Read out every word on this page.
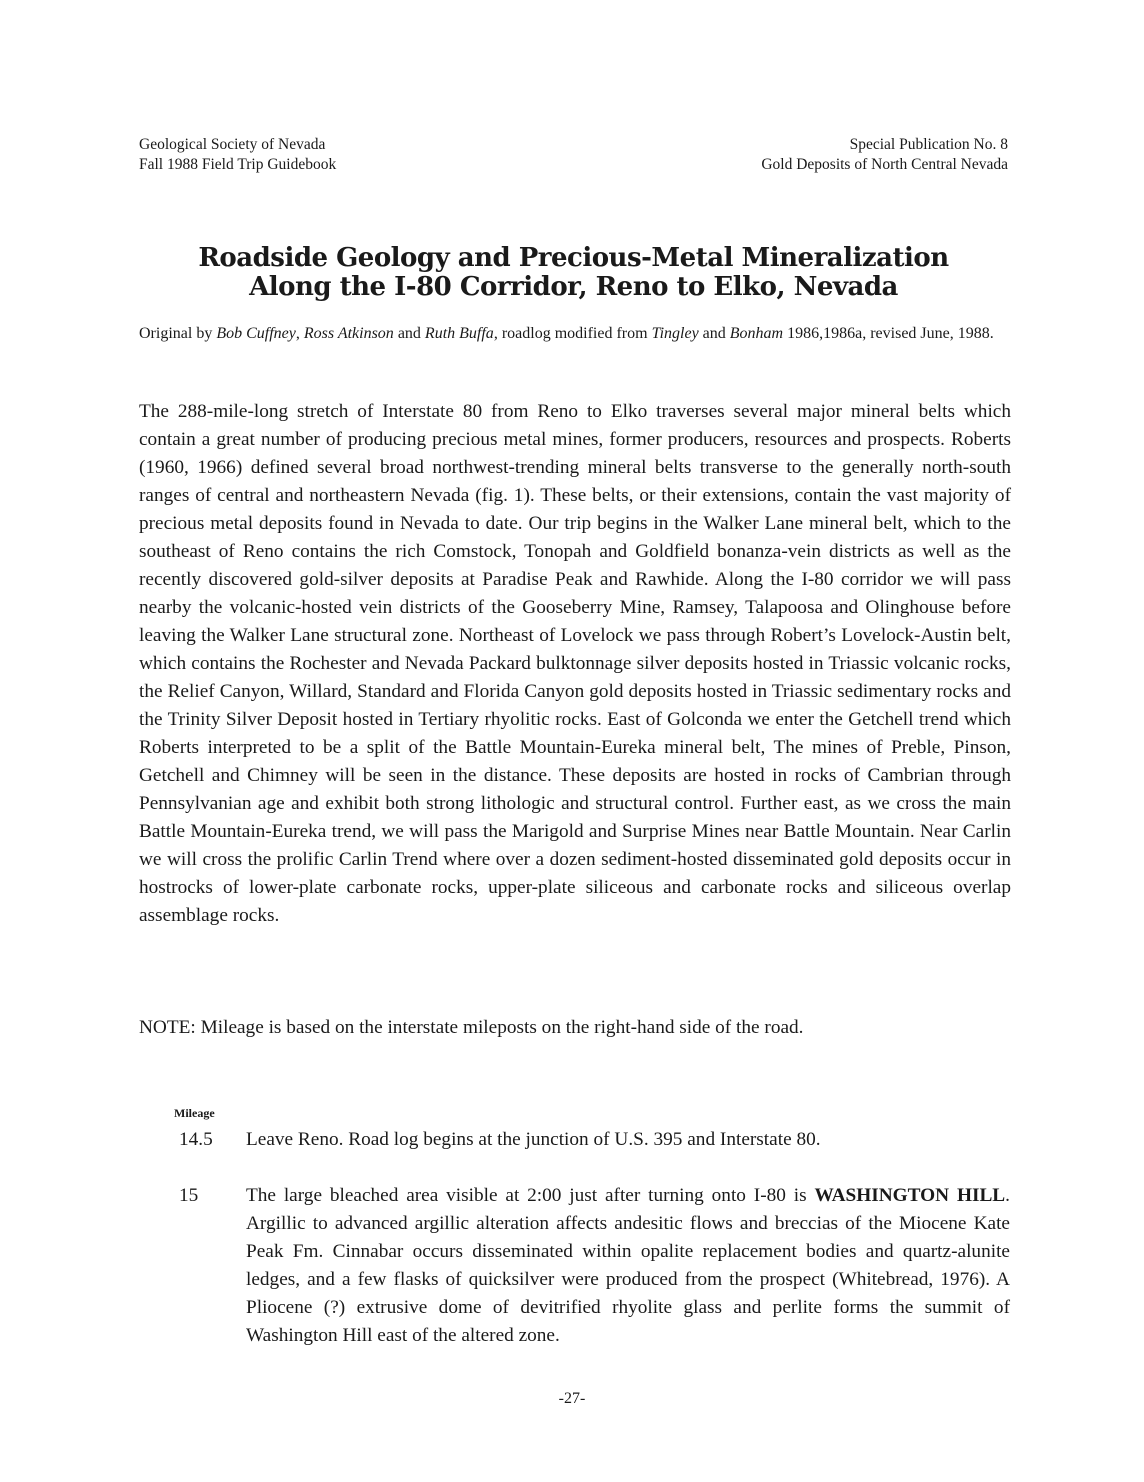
Geological Society of Nevada
Fall 1988 Field Trip Guidebook
Special Publication No. 8
Gold Deposits of North Central Nevada
Roadside Geology and Precious-Metal Mineralization
Along the I-80 Corridor, Reno to Elko, Nevada
Original by Bob Cuffney, Ross Atkinson and Ruth Buffa, roadlog modified from Tingley and Bonham 1986,1986a, revised June, 1988.

The 288-mile-long stretch of Interstate 80 from Reno to Elko traverses several major mineral belts which contain a great number of producing precious metal mines, former producers, resources and prospects. Roberts (1960, 1966) defined several broad northwest-trending mineral belts transverse to the generally north-south ranges of central and northeastern Nevada (fig. 1). These belts, or their extensions, contain the vast majority of precious metal deposits found in Nevada to date. Our trip begins in the Walker Lane mineral belt, which to the southeast of Reno contains the rich Comstock, Tonopah and Goldfield bonanza-vein districts as well as the recently discovered gold-silver deposits at Paradise Peak and Rawhide. Along the I-80 corridor we will pass nearby the volcanic-hosted vein districts of the Gooseberry Mine, Ramsey, Talapoosa and Olinghouse before leaving the Walker Lane structural zone. Northeast of Lovelock we pass through Robert’s Lovelock-Austin belt, which contains the Rochester and Nevada Packard bulktonnage silver deposits hosted in Triassic volcanic rocks, the Relief Canyon, Willard, Standard and Florida Canyon gold deposits hosted in Triassic sedimentary rocks and the Trinity Silver Deposit hosted in Tertiary rhyolitic rocks. East of Golconda we enter the Getchell trend which Roberts interpreted to be a split of the Battle Mountain-Eureka mineral belt, The mines of Preble, Pinson, Getchell and Chimney will be seen in the distance. These deposits are hosted in rocks of Cambrian through Pennsylvanian age and exhibit both strong lithologic and structural control. Further east, as we cross the main Battle Mountain-Eureka trend, we will pass the Marigold and Surprise Mines near Battle Mountain. Near Carlin we will cross the prolific Carlin Trend where over a dozen sediment-hosted disseminated gold deposits occur in hostrocks of lower-plate carbonate rocks, upper-plate siliceous and carbonate rocks and siliceous overlap assemblage rocks.

NOTE: Mileage is based on the interstate mileposts on the right-hand side of the road.

Mileage
14.5 Leave Reno. Road log begins at the junction of U.S. 395 and Interstate 80.

15 The large bleached area visible at 2:00 just after turning onto I-80 is WASHINGTON HILL. Argillic to advanced argillic alteration affects andesitic flows and breccias of the Miocene Kate Peak Fm. Cinnabar occurs disseminated within opalite replacement bodies and quartz-alunite ledges, and a few flasks of quicksilver were produced from the prospect (Whitebread, 1976). A Pliocene (?) extrusive dome of devitrified rhyolite glass and perlite forms the summit of Washington Hill east of the altered zone.

-27-
